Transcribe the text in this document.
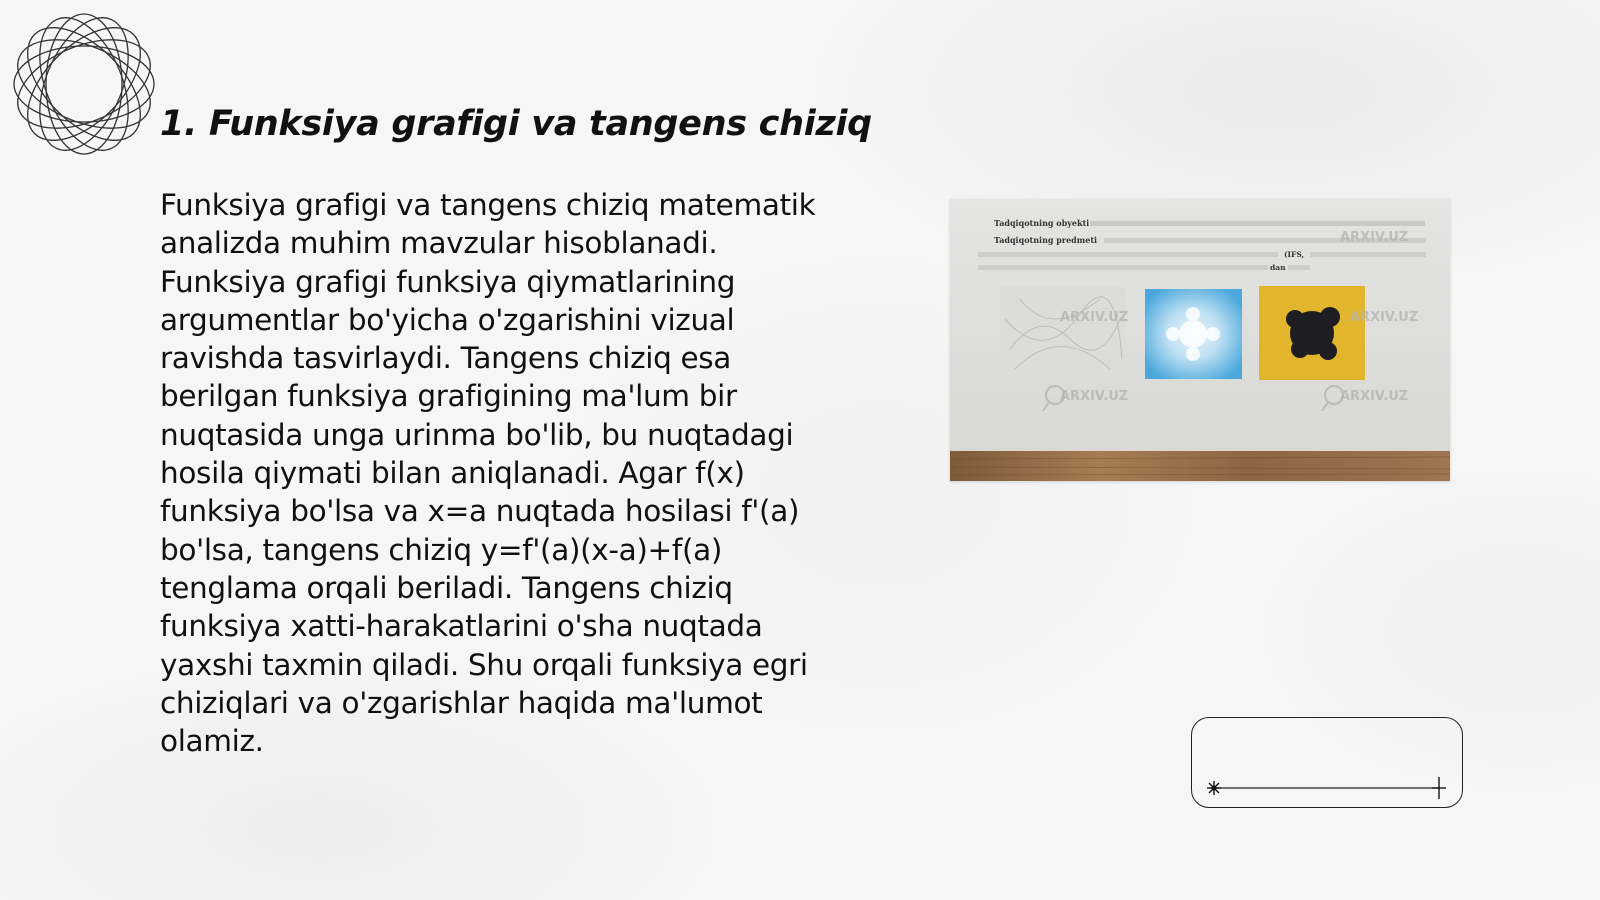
1. Funksiya grafigi va tangens chiziq

Funksiya grafigi va tangens chiziq matematik analizda muhim mavzular hisoblanadi. Funksiya grafigi funksiya qiymatlarining argumentlar bo'yicha o'zgarishini vizual ravishda tasvirlaydi. Tangens chiziq esa berilgan funksiya grafigining ma'lum bir nuqtasida unga urinma bo'lib, bu nuqtadagi hosila qiymati bilan aniqlanadi. Agar f(x) funksiya bo'lsa va x=a nuqtada hosilasi f'(a) bo'lsa, tangens chiziq y=f'(a)(x-a)+f(a) tenglama orqali beriladi. Tangens chiziq funksiya xatti-harakatlarini o'sha nuqtada yaxshi taxmin qiladi. Shu orqali funksiya egri chiziqlari va o'zgarishlar haqida ma'lumot olamiz.

Tadqiqotning obyekti
Tadqiqotning predmeti
(IFS,
dan
ARXIV.UZ	ARXIV.UZ
ARXIV.UZ	ARXIV.UZ
ARXIV.UZ
